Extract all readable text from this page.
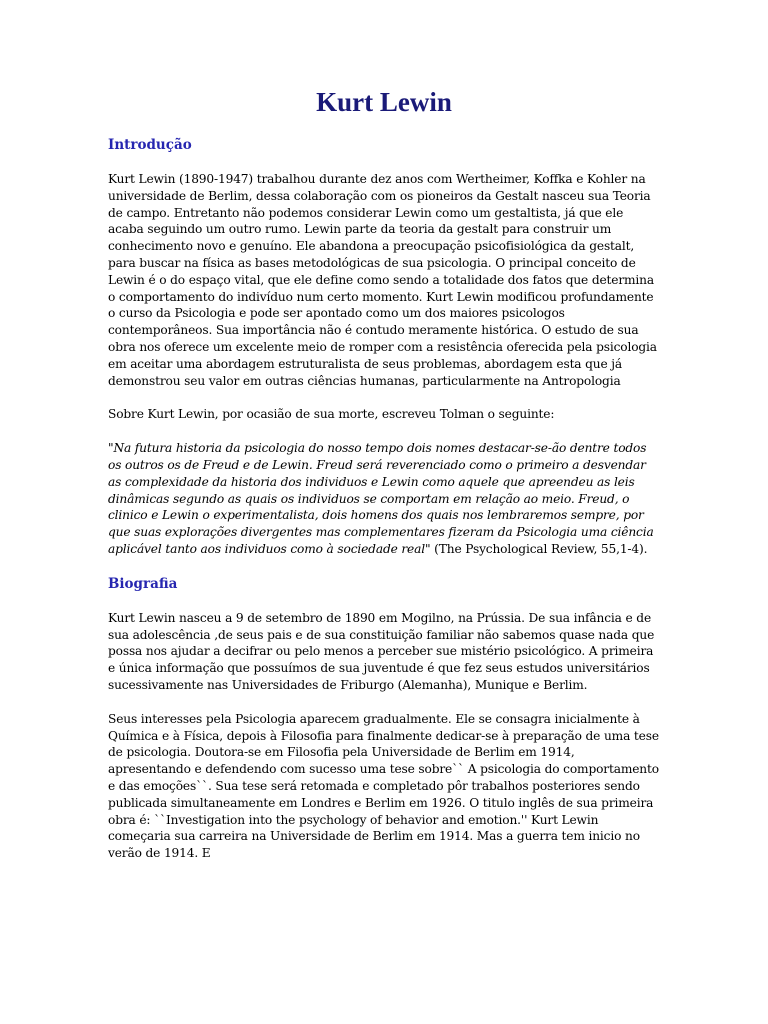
Kurt Lewin
Introdução

Kurt Lewin (1890-1947) trabalhou durante dez anos com Wertheimer, Koffka e Kohler na universidade de Berlim, dessa colaboração com os pioneiros da Gestalt nasceu sua Teoria de campo. Entretanto não podemos considerar Lewin como um gestaltista, já que ele acaba seguindo um outro rumo. Lewin parte da teoria da gestalt para construir um conhecimento novo e genuíno. Ele abandona a preocupação psicofisiológica da gestalt, para buscar na física as bases metodológicas de sua psicologia. O principal conceito de Lewin é o do espaço vital, que ele define como sendo a totalidade dos fatos que determina o comportamento do indivíduo num certo momento. Kurt Lewin modificou profundamente o curso da Psicologia e pode ser apontado como um dos maiores psicologos contemporâneos. Sua importância não é contudo meramente histórica. O estudo de sua obra nos oferece um excelente meio de romper com a resistência oferecida pela psicologia em aceitar uma abordagem estruturalista de seus problemas, abordagem esta que já demonstrou seu valor em outras ciências humanas, particularmente na Antropologia

Sobre Kurt Lewin, por ocasião de sua morte, escreveu Tolman o seguinte:

"Na futura historia da psicologia do nosso tempo dois nomes destacar-se-ão dentre todos os outros os de Freud e de Lewin. Freud será reverenciado como o primeiro a desvendar as complexidade da historia dos individuos e Lewin como aquele que apreendeu as leis dinâmicas segundo as quais os individuos se comportam em relação ao meio. Freud, o clinico e Lewin o experimentalista, dois homens dos quais nos lembraremos sempre, por que suas explorações divergentes mas complementares fizeram da Psicologia uma ciência aplicável tanto aos individuos como à sociedade real" (The Psychological Review, 55,1-4).

Biografia

Kurt Lewin nasceu a 9 de setembro de 1890 em Mogilno, na Prússia. De sua infância e de sua adolescência ,de seus pais e de sua constituição familiar não sabemos quase nada que possa nos ajudar a decifrar ou pelo menos a perceber sue mistério psicológico. A primeira e única informação que possuímos de sua juventude é que fez seus estudos universitários sucessivamente nas Universidades de Friburgo (Alemanha), Munique e Berlim.

Seus interesses pela Psicologia aparecem gradualmente. Ele se consagra inicialmente à Química e à Física, depois à Filosofia para finalmente dedicar-se à preparação de uma tese de psicologia. Doutora-se em Filosofia pela Universidade de Berlim em 1914, apresentando e defendendo com sucesso uma tese sobre`` A psicologia do comportamento e das emoções``. Sua tese será retomada e completado pôr trabalhos posteriores sendo publicada simultaneamente em Londres e Berlim em 1926. O titulo inglês de sua primeira obra é: ``Investigation into the psychology of behavior and emotion.'' Kurt Lewin começaria sua carreira na Universidade de Berlim em 1914. Mas a guerra tem inicio no verão de 1914. E
